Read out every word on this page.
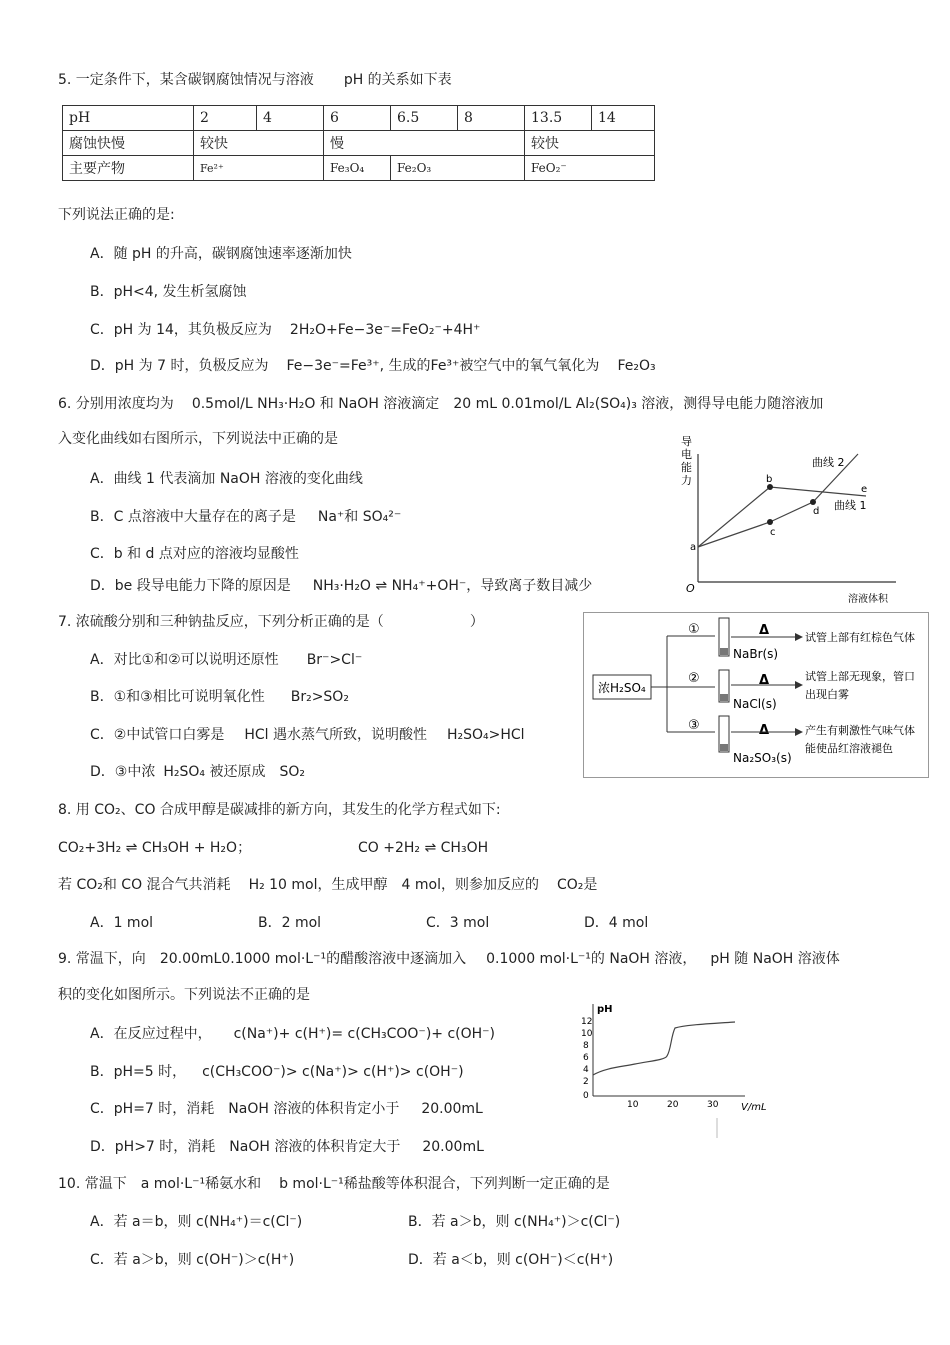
5. 一定条件下，某含碳钢腐蚀情况与溶液 pH 的关系如下表
pH	2	4	6	6.5	8	13.5	14
腐蚀快慢	较快		慢			较快	
主要产物	Fe²⁺		Fe₃O₄	Fe₂O₃		FeO₂⁻	
下列说法正确的是:
A．随 pH 的升高，碳钢腐蚀速率逐渐加快
B．pH<4, 发生析氢腐蚀
C．pH 为 14，其负极反应为 2H₂O+Fe−3e⁻=FeO₂⁻+4H⁺
D．pH 为 7 时，负极反应为 Fe−3e⁻=Fe³⁺, 生成的Fe³⁺被空气中的氧气氧化为 Fe₂O₃
6. 分别用浓度均为 0.5mol/L NH₃·H₂O 和 NaOH 溶液滴定 20 mL 0.01mol/L Al₂(SO₄)₃ 溶液，测得导电能力随溶液加
入变化曲线如右图所示，下列说法中正确的是
A．曲线 1 代表滴加 NaOH 溶液的变化曲线
B．C 点溶液中大量存在的离子是 Na⁺和 SO₄²⁻
C．b 和 d 点对应的溶液均显酸性
D．be 段导电能力下降的原因是 NH₃·H₂O ⇌ NH₄⁺+OH⁻，导致离子数目减少
导电能力
O
溶液体积
a
b
c
d
e
曲线 2
曲线 1
7. 浓硫酸分别和三种钠盐反应，下列分析正确的是（	）
A．对比①和②可以说明还原性 Br⁻>Cl⁻
B．①和③相比可说明氧化性 Br₂>SO₂
C．②中试管口白雾是 HCl 遇水蒸气所致，说明酸性 H₂SO₄>HCl
D．③中浓 H₂SO₄ 被还原成 SO₂
浓H₂SO₄
①
②
③
NaBr(s)
NaCl(s)
Na₂SO₃(s)
Δ
Δ
Δ
试管上部有红棕色气体
试管上部无现象，管口
出现白雾
产生有刺激性气味气体
能使品红溶液褪色
8. 用 CO₂、CO 合成甲醇是碳减排的新方向，其发生的化学方程式如下:
CO₂+3H₂ ⇌ CH₃OH + H₂O；	CO +2H₂ ⇌ CH₃OH
若 CO₂和 CO 混合气共消耗 H₂ 10 mol，生成甲醇 4 mol，则参加反应的 CO₂是
A．1 mol	B．2 mol	C．3 mol	D．4 mol
9. 常温下，向 20.00mL0.1000 mol·L⁻¹的醋酸溶液中逐滴加入 0.1000 mol·L⁻¹的 NaOH 溶液， pH 随 NaOH 溶液体
积的变化如图所示。下列说法不正确的是
A．在反应过程中， c(Na⁺)+ c(H⁺)= c(CH₃COO⁻)+ c(OH⁻)
B．pH=5 时， c(CH₃COO⁻)> c(Na⁺)> c(H⁺)> c(OH⁻)
C．pH=7 时，消耗 NaOH 溶液的体积肯定小于 20.00mL
D．pH>7 时，消耗 NaOH 溶液的体积肯定大于 20.00mL
pH
V/mL
12
10
8
6
4
2
0
10	20	30
10. 常温下 a mol·L⁻¹稀氨水和 b mol·L⁻¹稀盐酸等体积混合，下列判断一定正确的是
A．若 a＝b，则 c(NH₄⁺)＝c(Cl⁻)	B．若 a＞b，则 c(NH₄⁺)＞c(Cl⁻)
C．若 a＞b，则 c(OH⁻)＞c(H⁺)	D．若 a＜b，则 c(OH⁻)＜c(H⁺)
